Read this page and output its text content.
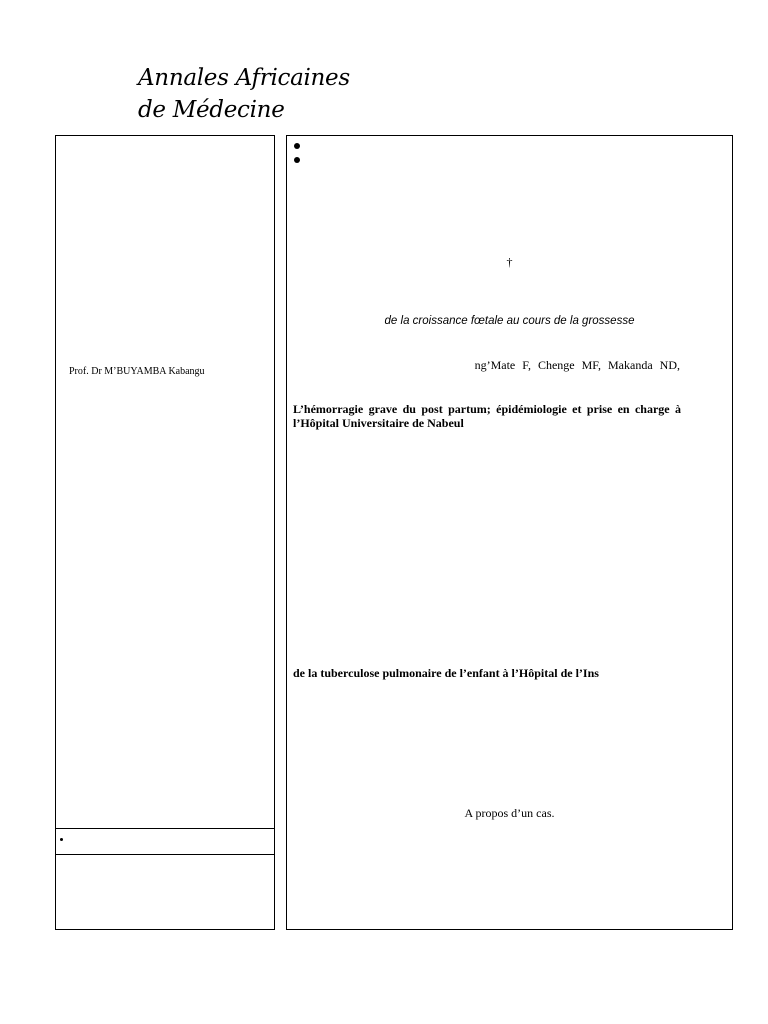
Annales Africaines
de Médecine
Prof. Dr M’BUYAMBA Kabangu
†
de la croissance fœtale au cours de la grossesse
ng’Mate F, Chenge MF, Makanda ND,

L’hémorragie grave du post partum; épidémiologie et prise en charge à l’Hôpital Universitaire de Nabeul

de la tuberculose pulmonaire de l’enfant à l’Hôpital de l’Ins
A propos d’un cas.
